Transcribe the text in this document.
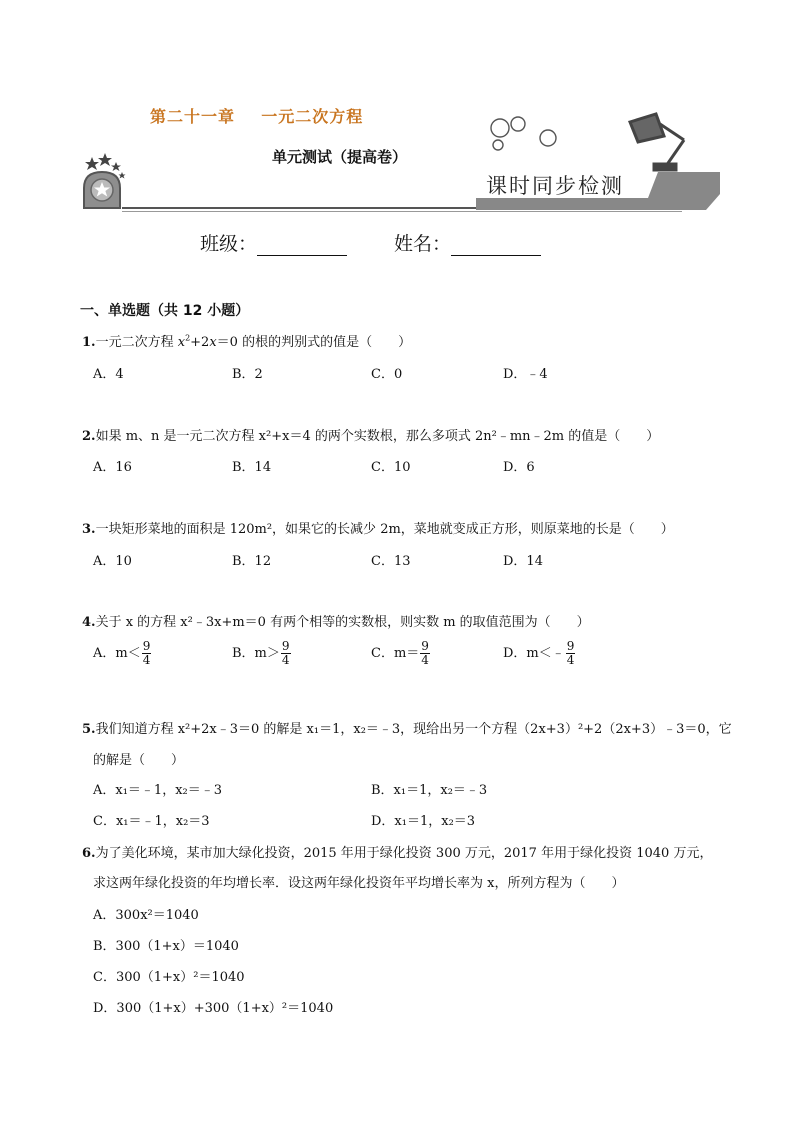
第二十一章    一元二次方程
单元测试（提高卷）
课时同步检测
班级：	姓名：
一、单选题（共 12 小题）
1.一元二次方程 $x^2+2x=0$ 的根的判别式的值是（　　）
A．4	B．2	C．0	D．﹣4
2.如果 m、n 是一元二次方程 x²+x＝4 的两个实数根，那么多项式 2n²﹣mn﹣2m 的值是（　　）
A．16	B．14	C．10	D．6
3.一块矩形菜地的面积是 120m²，如果它的长减少 2m，菜地就变成正方形，则原菜地的长是（　　）
A．10	B．12	C．13	D．14
4.关于 x 的方程 x²﹣3x+m＝0 有两个相等的实数根，则实数 m 的取值范围为（　　）
A．$m< \frac{9}{4}$	B．$m> \frac{9}{4}$	C．$m= \frac{9}{4}$	D．m＜﹣ $\frac{9}{4}$
5.我们知道方程 x²+2x﹣3＝0 的解是 x₁＝1，x₂＝﹣3，现给出另一个方程（2x+3）²+2（2x+3）﹣3＝0，它
的解是（　　）
A．x₁＝﹣1，x₂＝﹣3	B．x₁＝1，x₂＝﹣3
C．x₁＝﹣1，x₂＝3	D．x₁＝1，x₂＝3
6.为了美化环境，某市加大绿化投资，2015 年用于绿化投资 300 万元，2017 年用于绿化投资 1040 万元，
求这两年绿化投资的年均增长率．设这两年绿化投资年平均增长率为 x，所列方程为（　　）
A．300x²＝1040
B．300（1+x）＝1040
C．300（1+x）²＝1040
D．300（1+x）+300（1+x）²＝1040
